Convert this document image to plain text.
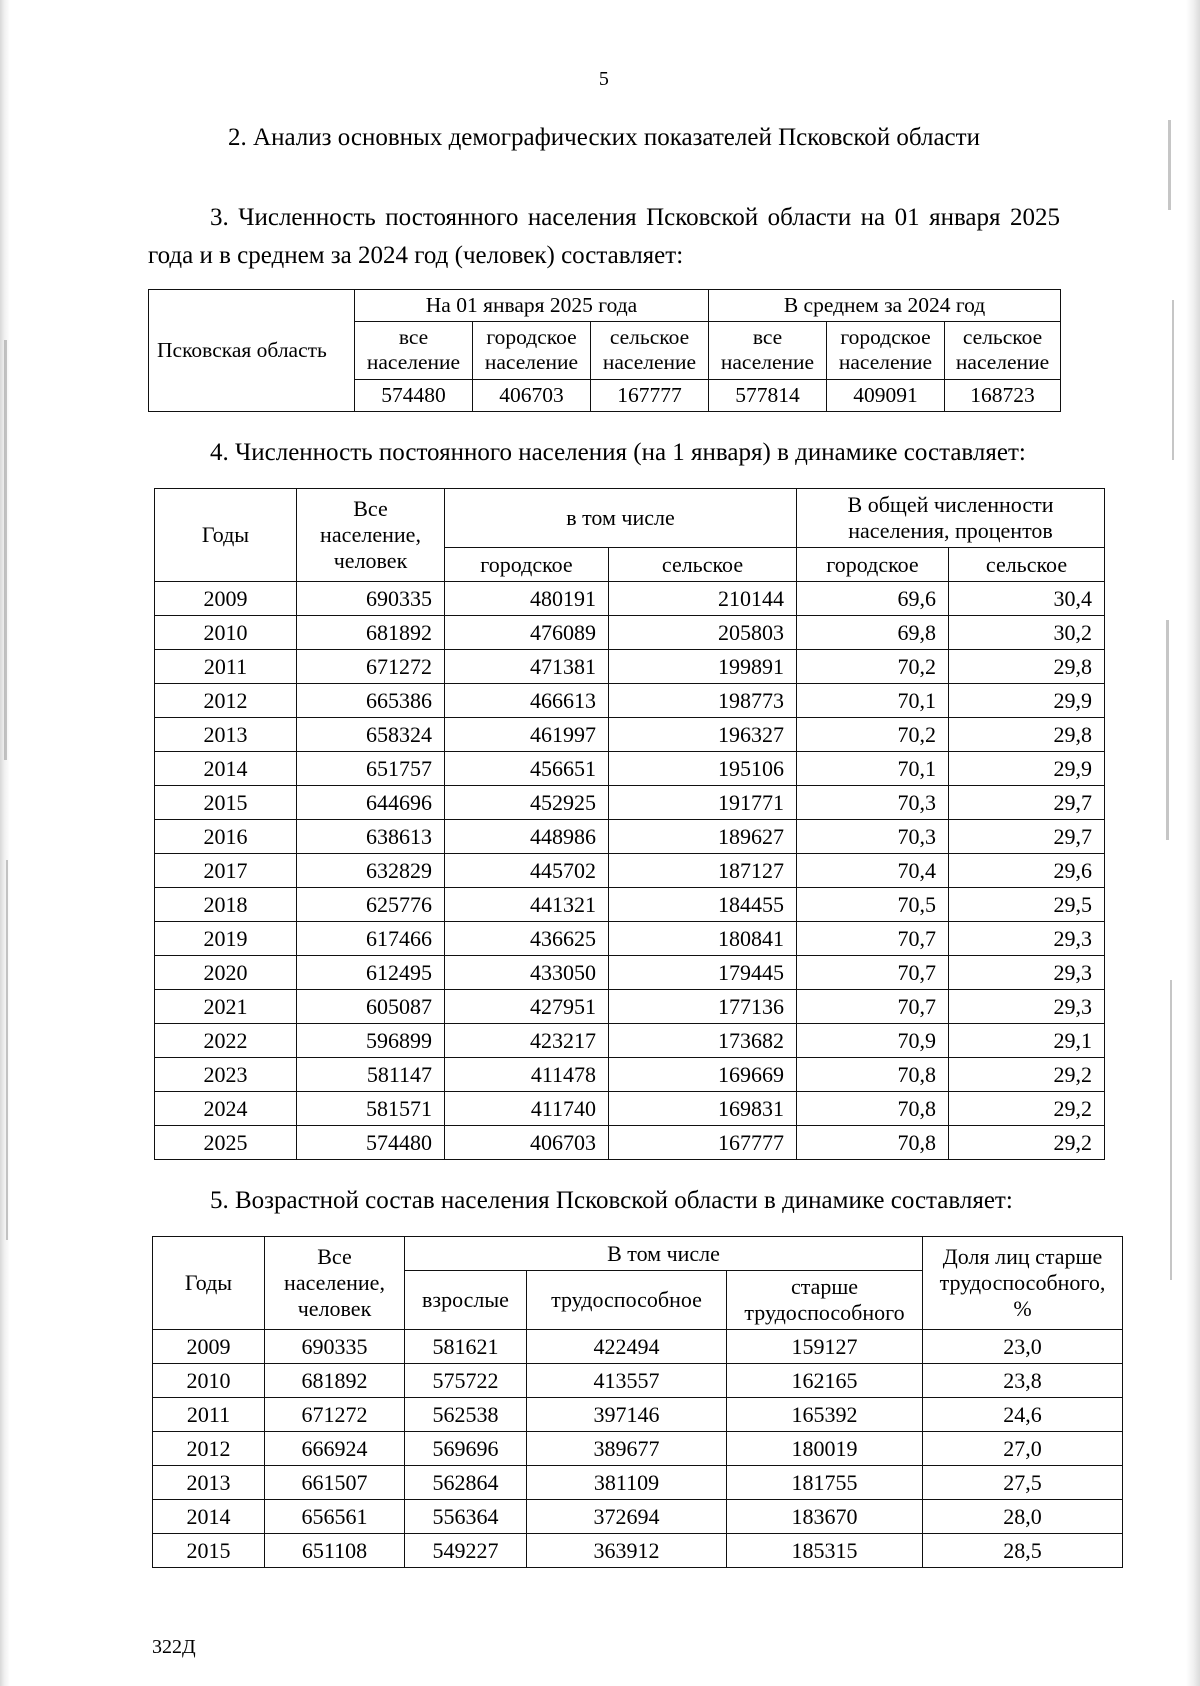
5
2. Анализ основных демографических показателей Псковской области

3. Численность постоянного населения Псковской области на 01 января 2025 года и в среднем за 2024 год (человек) составляет:

Псковская область	На 01 января 2025 года			В среднем за 2024 год		
	все население	городское население	сельское население	все население	городское население	сельское население
	574480	406703	167777	577814	409091	168723

4. Численность постоянного населения (на 1 января) в динамике составляет:

Годы	Все население, человек	в том числе		В общей численности населения, процентов	
		городское	сельское	городское	сельское
2009	690335	480191	210144	69,6	30,4
2010	681892	476089	205803	69,8	30,2
2011	671272	471381	199891	70,2	29,8
2012	665386	466613	198773	70,1	29,9
2013	658324	461997	196327	70,2	29,8
2014	651757	456651	195106	70,1	29,9
2015	644696	452925	191771	70,3	29,7
2016	638613	448986	189627	70,3	29,7
2017	632829	445702	187127	70,4	29,6
2018	625776	441321	184455	70,5	29,5
2019	617466	436625	180841	70,7	29,3
2020	612495	433050	179445	70,7	29,3
2021	605087	427951	177136	70,7	29,3
2022	596899	423217	173682	70,9	29,1
2023	581147	411478	169669	70,8	29,2
2024	581571	411740	169831	70,8	29,2
2025	574480	406703	167777	70,8	29,2

5. Возрастной состав населения Псковской области в динамике составляет:

Годы	Все население, человек	В том числе			Доля лиц старше трудоспособного, %
		взрослые	трудоспособное	старше трудоспособного	
2009	690335	581621	422494	159127	23,0
2010	681892	575722	413557	162165	23,8
2011	671272	562538	397146	165392	24,6
2012	666924	569696	389677	180019	27,0
2013	661507	562864	381109	181755	27,5
2014	656561	556364	372694	183670	28,0
2015	651108	549227	363912	185315	28,5
322Д
